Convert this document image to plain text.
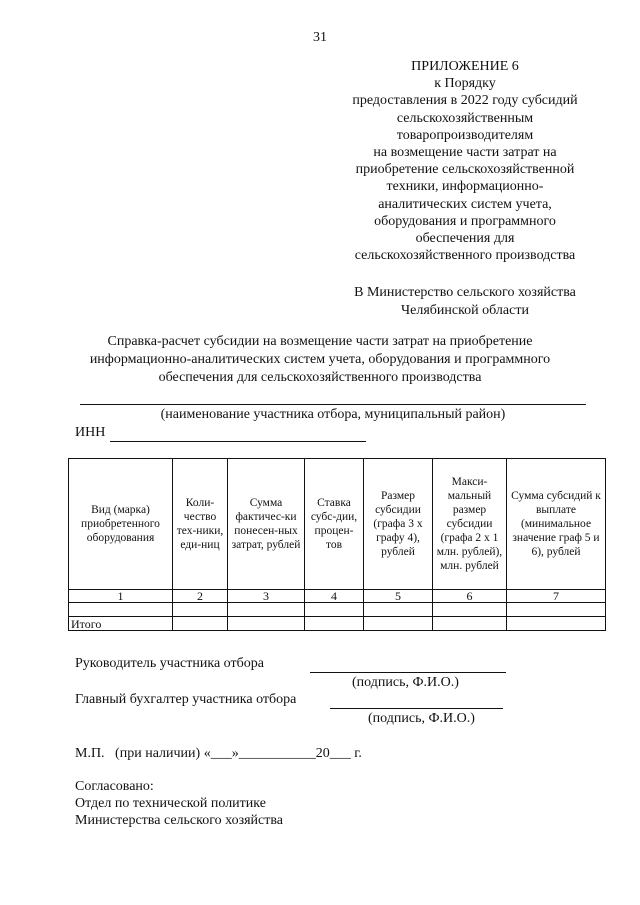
31
ПРИЛОЖЕНИЕ 6
к Порядку
предоставления в 2022 году субсидий
сельскохозяйственным
товаропроизводителям
на возмещение части затрат на
приобретение сельскохозяйственной
техники, информационно-
аналитических систем учета,
оборудования и программного
обеспечения для
сельскохозяйственного производства
В Министерство сельского хозяйства
Челябинской области
Справка-расчет субсидии на возмещение части затрат на приобретение
информационно-аналитических систем учета, оборудования и программного
обеспечения для сельскохозяйственного производства
(наименование участника отбора, муниципальный район)
ИНН
Вид (марка) приобретенного оборудования	Коли-чество тех-ники, еди-ниц	Сумма фактичес-ки понесен-ных затрат, рублей	Ставка субс-дии, процен-тов	Размер субсидии (графа 3 х графу 4), рублей	Макси-мальный размер субсидии (графа 2 х 1 млн. рублей), млн. рублей	Сумма субсидий к выплате (минимальное значение граф 5 и 6), рублей
1	2	3	4	5	6	7

Итого						
Руководитель участника отбора
(подпись, Ф.И.О.)
Главный бухгалтер участника отбора
(подпись, Ф.И.О.)
М.П.   (при наличии) «___»___________20___ г.
Согласовано:
Отдел по технической политике
Министерства сельского хозяйства
